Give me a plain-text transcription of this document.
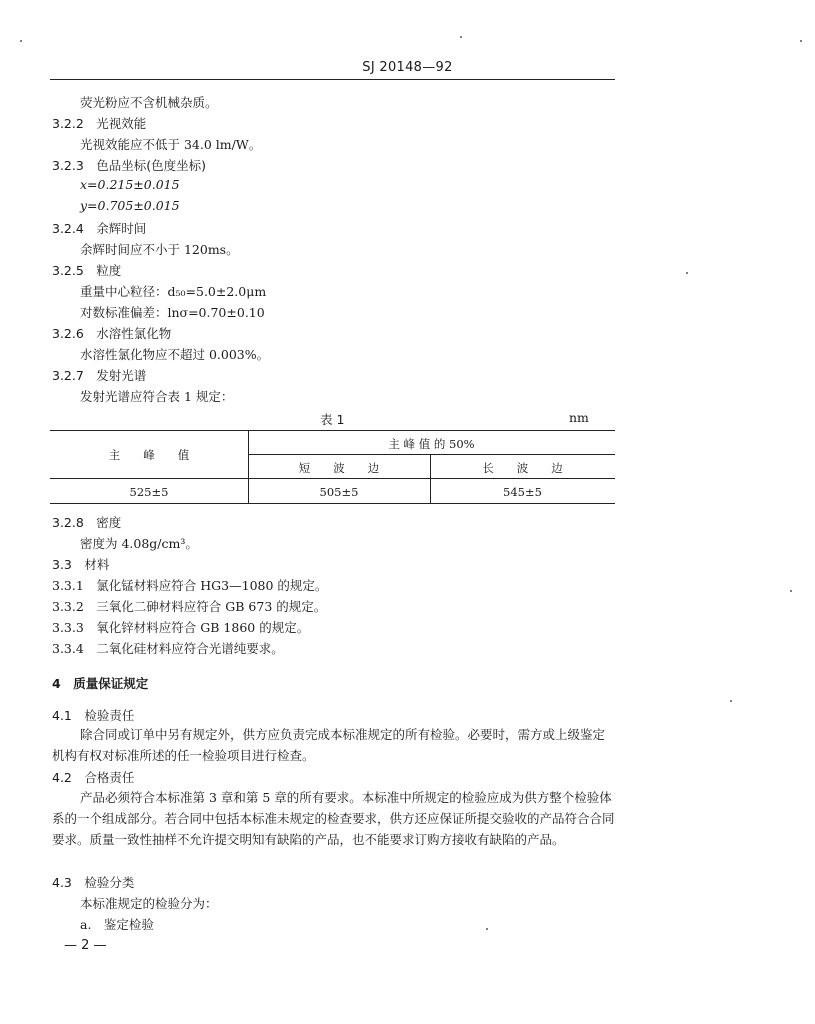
SJ 20148—92
荧光粉应不含机械杂质。
3.2.2　光视效能
光视效能应不低于 34.0 lm/W。
3.2.3　色品坐标(色度坐标)
x=0.215±0.015
y=0.705±0.015
3.2.4　余辉时间
余辉时间应不小于 120ms。
3.2.5　粒度
重量中心粒径：d₅₀=5.0±2.0μm
对数标准偏差：lnσ=0.70±0.10
3.2.6　水溶性氯化物
水溶性氯化物应不超过 0.003%。
3.2.7　发射光谱
发射光谱应符合表 1 规定：
表 1	nm
主　　峰　　值
主 峰 值 的 50%
短　　波　　边	长　　波　　边
525±5	505±5	545±5
3.2.8　密度
密度为 4.08g/cm³。
3.3　材料
3.3.1　氯化锰材料应符合 HG3—1080 的规定。
3.3.2　三氧化二砷材料应符合 GB 673 的规定。
3.3.3　氧化锌材料应符合 GB 1860 的规定。
3.3.4　二氧化硅材料应符合光谱纯要求。
4　质量保证规定
4.1　检验责任
除合同或订单中另有规定外，供方应负责完成本标准规定的所有检验。必要时，需方或上级鉴定机构有权对标准所述的任一检验项目进行检查。
4.2　合格责任
产品必须符合本标准第 3 章和第 5 章的所有要求。本标准中所规定的检验应成为供方整个检验体系的一个组成部分。若合同中包括本标准未规定的检查要求，供方还应保证所提交验收的产品符合合同要求。质量一致性抽样不允许提交明知有缺陷的产品，也不能要求订购方接收有缺陷的产品。
4.3　检验分类
本标准规定的检验分为：
a.　鉴定检验
— 2 —
